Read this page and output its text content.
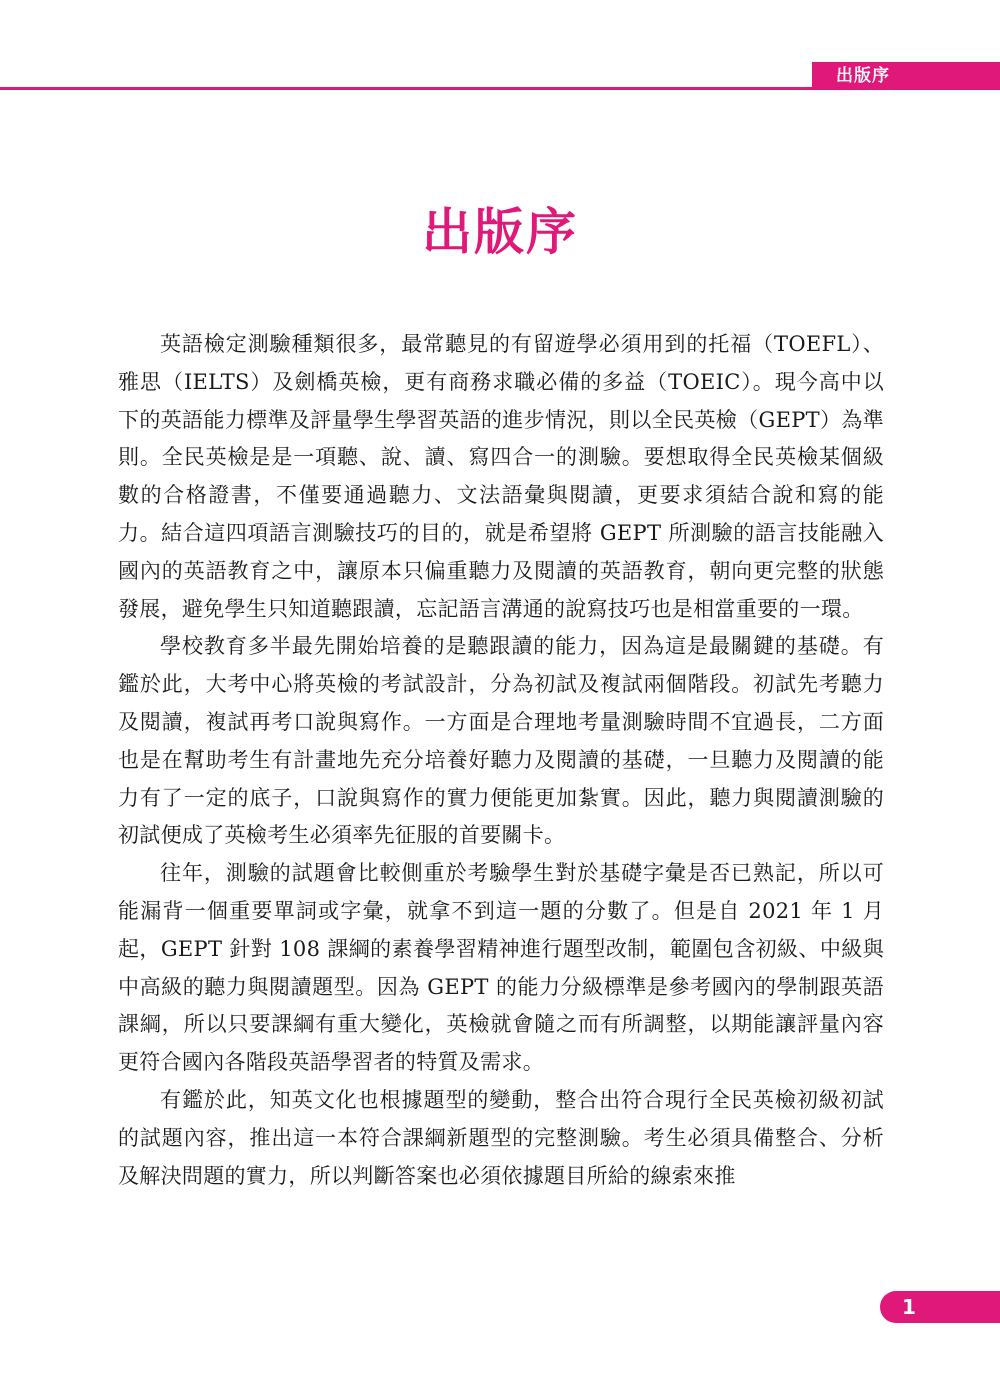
出版序
出版序

英語檢定測驗種類很多，最常聽見的有留遊學必須用到的托福（TOEFL）、雅思（IELTS）及劍橋英檢，更有商務求職必備的多益（TOEIC）。現今高中以下的英語能力標準及評量學生學習英語的進步情況，則以全民英檢（GEPT）為準則。全民英檢是是一項聽、說、讀、寫四合一的測驗。要想取得全民英檢某個級數的合格證書，不僅要通過聽力、文法語彙與閱讀，更要求須結合說和寫的能力。結合這四項語言測驗技巧的目的，就是希望將 GEPT 所測驗的語言技能融入國內的英語教育之中，讓原本只偏重聽力及閱讀的英語教育，朝向更完整的狀態發展，避免學生只知道聽跟讀，忘記語言溝通的說寫技巧也是相當重要的一環。

學校教育多半最先開始培養的是聽跟讀的能力，因為這是最關鍵的基礎。有鑑於此，大考中心將英檢的考試設計，分為初試及複試兩個階段。初試先考聽力及閱讀，複試再考口說與寫作。一方面是合理地考量測驗時間不宜過長，二方面也是在幫助考生有計畫地先充分培養好聽力及閱讀的基礎，一旦聽力及閱讀的能力有了一定的底子，口說與寫作的實力便能更加紮實。因此，聽力與閱讀測驗的初試便成了英檢考生必須率先征服的首要關卡。

往年，測驗的試題會比較側重於考驗學生對於基礎字彙是否已熟記，所以可能漏背一個重要單詞或字彙，就拿不到這一題的分數了。但是自 2021 年 1 月起，GEPT 針對 108 課綱的素養學習精神進行題型改制，範圍包含初級、中級與中高級的聽力與閱讀題型。因為 GEPT 的能力分級標準是參考國內的學制跟英語課綱，所以只要課綱有重大變化，英檢就會隨之而有所調整，以期能讓評量內容更符合國內各階段英語學習者的特質及需求。

有鑑於此，知英文化也根據題型的變動，整合出符合現行全民英檢初級初試的試題內容，推出這一本符合課綱新題型的完整測驗。考生必須具備整合、分析及解決問題的實力，所以判斷答案也必須依據題目所給的線索來推

1
